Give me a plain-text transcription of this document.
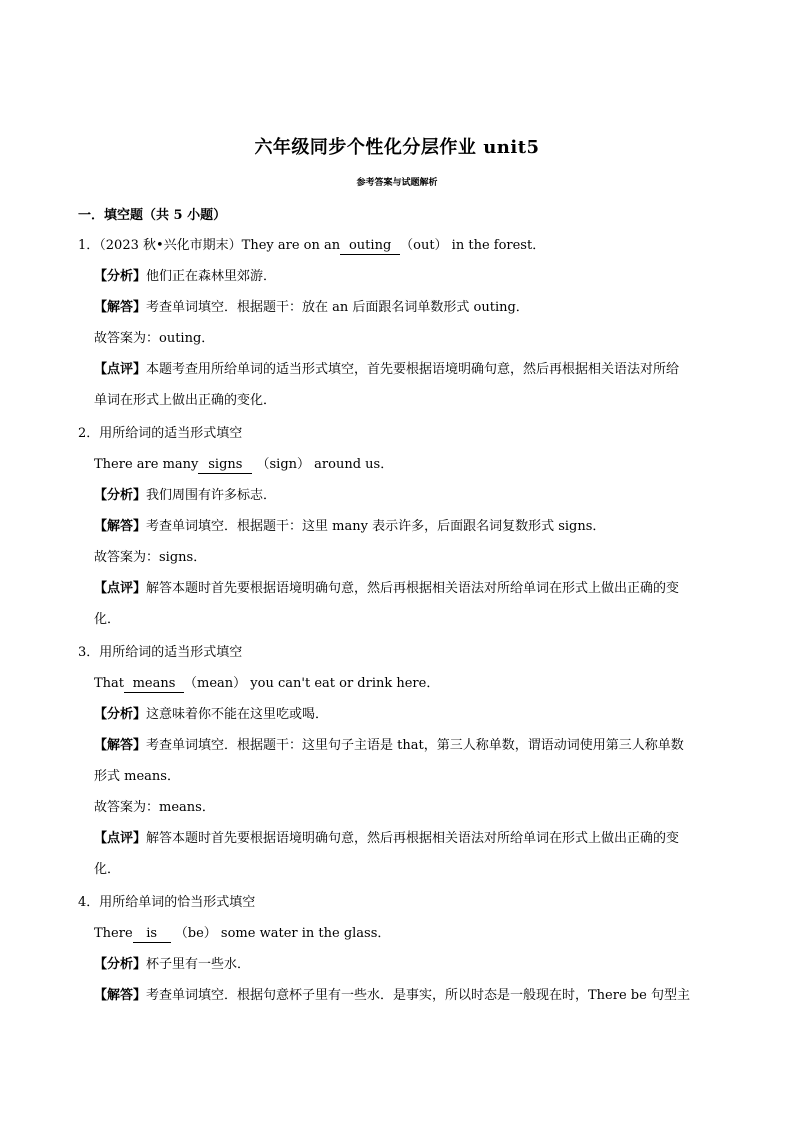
六年级同步个性化分层作业 unit5
参考答案与试题解析
一．填空题（共 5 小题）
1．（2023 秋•兴化市期末）They are on an outing （out） in the forest．
【分析】他们正在森林里郊游．
【解答】考查单词填空．根据题干：放在 an 后面跟名词单数形式 outing．
故答案为：outing．
【点评】本题考查用所给单词的适当形式填空，首先要根据语境明确句意，然后再根据相关语法对所给
单词在形式上做出正确的变化．
2．用所给词的适当形式填空
There are many signs （sign） around us．
【分析】我们周围有许多标志．
【解答】考查单词填空．根据题干：这里 many 表示许多，后面跟名词复数形式 signs．
故答案为：signs．
【点评】解答本题时首先要根据语境明确句意，然后再根据相关语法对所给单词在形式上做出正确的变
化．
3．用所给词的适当形式填空
That means （mean） you can't eat or drink here．
【分析】这意味着你不能在这里吃或喝．
【解答】考查单词填空．根据题干：这里句子主语是 that，第三人称单数，谓语动词使用第三人称单数
形式 means．
故答案为：means．
【点评】解答本题时首先要根据语境明确句意，然后再根据相关语法对所给单词在形式上做出正确的变
化．
4．用所给单词的恰当形式填空
There is （be） some water in the glass．
【分析】杯子里有一些水．
【解答】考查单词填空．根据句意杯子里有一些水．是事实，所以时态是一般现在时，There be 句型主
